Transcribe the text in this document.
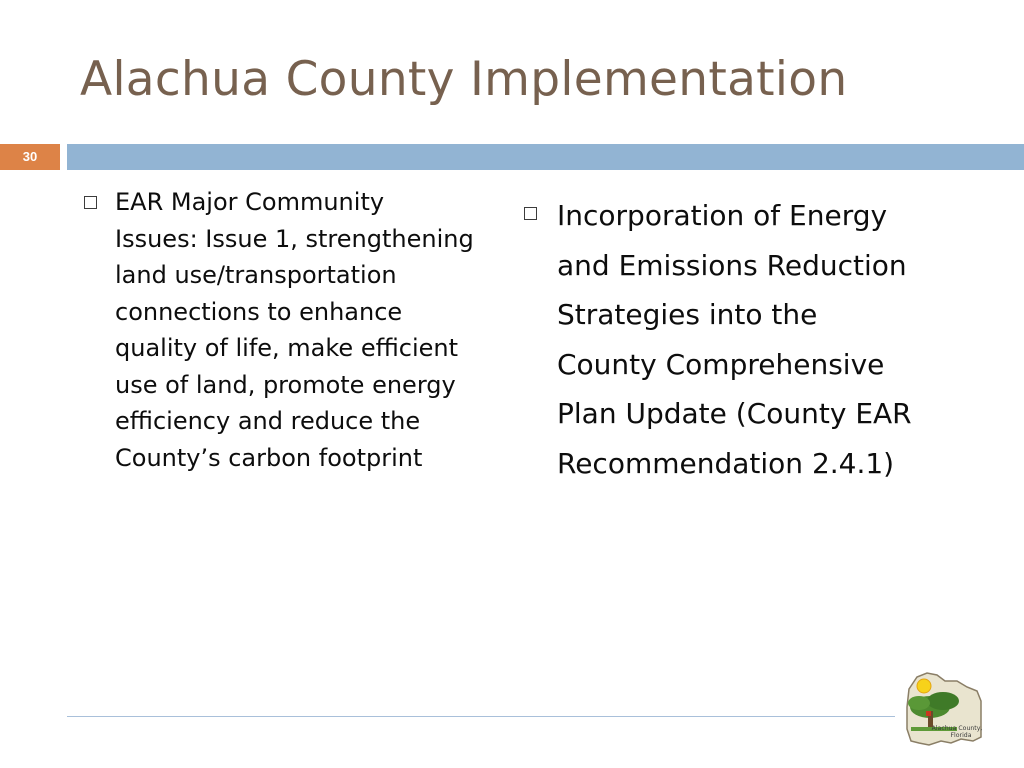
Alachua County Implementation
30
EAR Major Community Issues: Issue 1, strengthening land use/transportation connections to enhance quality of life, make efficient use of land, promote energy efficiency and reduce the County’s carbon footprint
Incorporation of Energy and Emissions Reduction Strategies into the County Comprehensive Plan Update (County EAR Recommendation 2.4.1)
Alachua County,
Florida
